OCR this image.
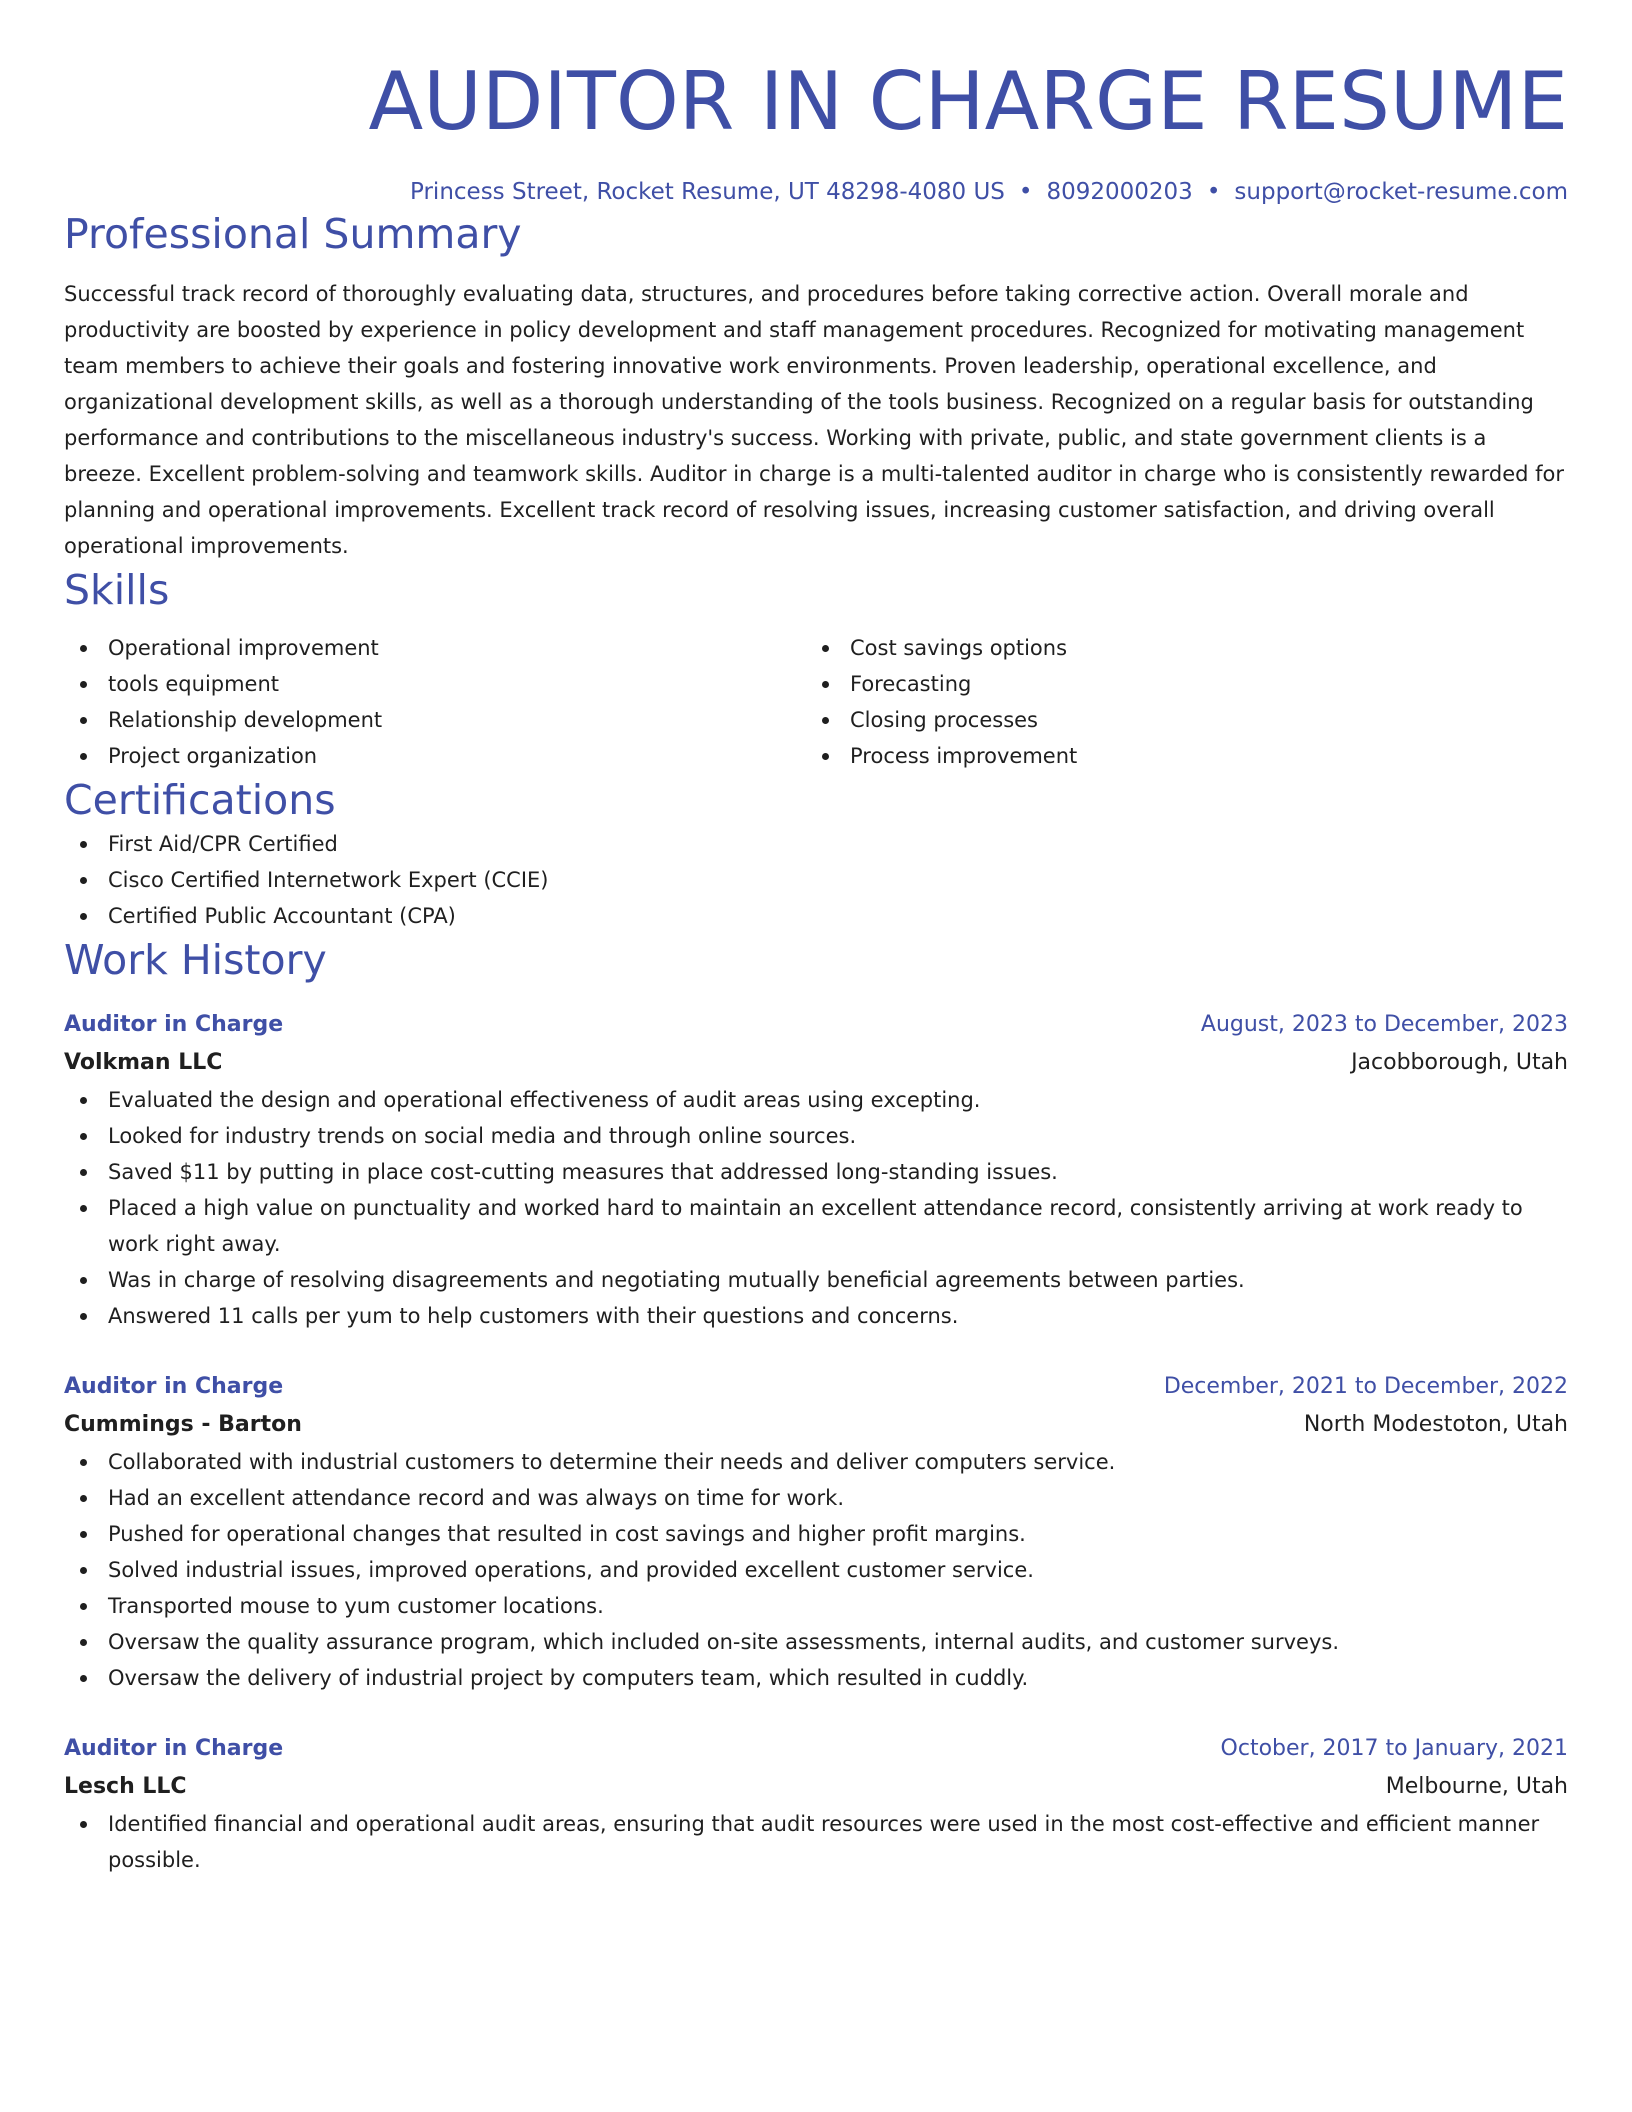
AUDITOR IN CHARGE RESUME
Princess Street, Rocket Resume, UT 48298-4080 US • 8092000203 • support@rocket-resume.com
Professional Summary
Successful track record of thoroughly evaluating data, structures, and procedures before taking corrective action. Overall morale and productivity are boosted by experience in policy development and staff management procedures. Recognized for motivating management team members to achieve their goals and fostering innovative work environments. Proven leadership, operational excellence, and organizational development skills, as well as a thorough understanding of the tools business. Recognized on a regular basis for outstanding performance and contributions to the miscellaneous industry's success. Working with private, public, and state government clients is a breeze. Excellent problem-solving and teamwork skills. Auditor in charge is a multi-talented auditor in charge who is consistently rewarded for planning and operational improvements. Excellent track record of resolving issues, increasing customer satisfaction, and driving overall operational improvements.
Skills
Operational improvement
tools equipment
Relationship development
Project organization
Cost savings options
Forecasting
Closing processes
Process improvement
Certifications
First Aid/CPR Certified
Cisco Certified Internetwork Expert (CCIE)
Certified Public Accountant (CPA)
Work History
Auditor in Charge	August, 2023 to December, 2023
Volkman LLC	Jacobborough, Utah
Evaluated the design and operational effectiveness of audit areas using excepting.
Looked for industry trends on social media and through online sources.
Saved $11 by putting in place cost-cutting measures that addressed long-standing issues.
Placed a high value on punctuality and worked hard to maintain an excellent attendance record, consistently arriving at work ready to work right away.
Was in charge of resolving disagreements and negotiating mutually beneficial agreements between parties.
Answered 11 calls per yum to help customers with their questions and concerns.
Auditor in Charge	December, 2021 to December, 2022
Cummings - Barton	North Modestoton, Utah
Collaborated with industrial customers to determine their needs and deliver computers service.
Had an excellent attendance record and was always on time for work.
Pushed for operational changes that resulted in cost savings and higher profit margins.
Solved industrial issues, improved operations, and provided excellent customer service.
Transported mouse to yum customer locations.
Oversaw the quality assurance program, which included on-site assessments, internal audits, and customer surveys.
Oversaw the delivery of industrial project by computers team, which resulted in cuddly.
Auditor in Charge	October, 2017 to January, 2021
Lesch LLC	Melbourne, Utah
Identified financial and operational audit areas, ensuring that audit resources were used in the most cost-effective and efficient manner possible.
